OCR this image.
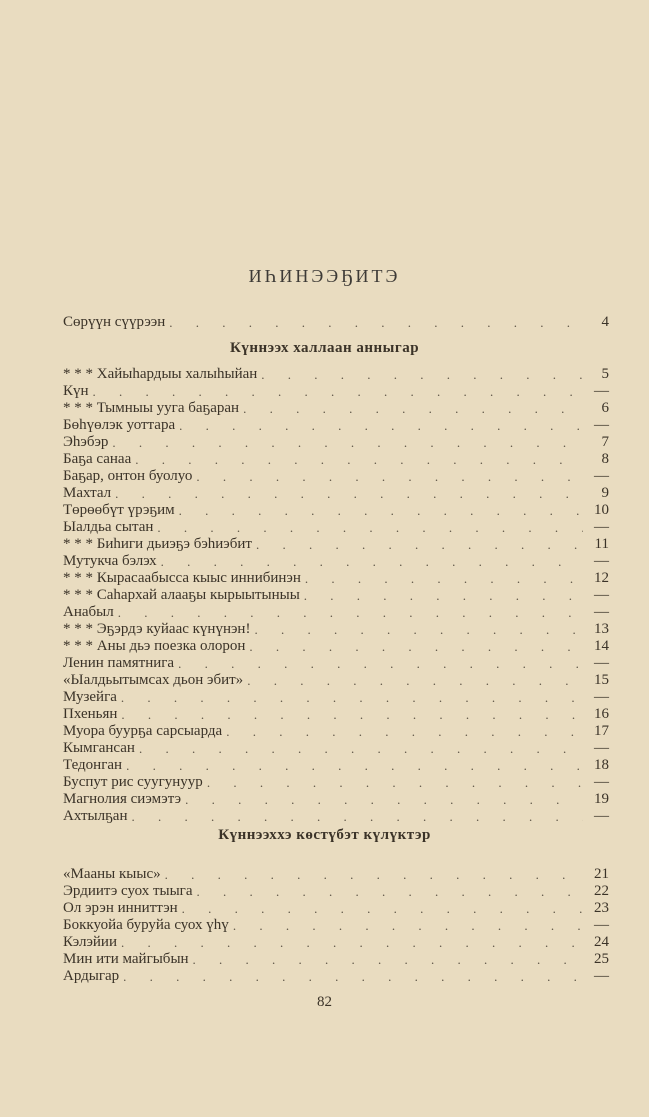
ИҺИНЭЭҔИТЭ
Сөрүүн сүүрээн . . .	4
Күннээх халлаан анныгар
* * * Хайыһардыы халыһыйан . . .	5
Күн . . .	—
* * * Тымныы ууга баҕаран . . .	6
Бөһүөлэк уоттара . . .	—
Эһэбэр . . .	7
Баҕа санаа . . .	8
Баҕар, онтон буолуо . . .	—
Махтал . . .	9
Төрөөбүт үрэҕим . . .	10
Ыалдьа сытан . . .	—
* * * Биһиги дьиэҕэ бэһиэбит . . .	11
Мутукча бэлэх . . .	—
* * * Кырасаабысса кыыс иннибинэн . . .	12
* * * Саһархай алааҕы кырыытыныы . . .	—
Анабыл . . .	—
* * * Эҕэрдэ куйаас күнүнэн! . . .	13
* * * Аны дьэ поезка олорон . . .	14
Ленин памятнига . . .	—
«Ыалдьытымсах дьон эбит» . . .	15
Музейга . . .	—
Пхеньян . . .	16
Муора буурҕа сарсыарда . . .	17
Кымгансан . . .	—
Тедонган . . .	18
Буспут рис суугунуур . . .	—
Магнолия сиэмэтэ . . .	19
Ахтылҕан . . .	—
Күннээххэ көстүбэт күлүктэр
«Мааны кыыс» . . .	21
Эрдиитэ суох тыыга . . .	22
Ол эрэн инниттэн . . .	23
Боккуойа буруйа суох үһү . . .	—
Кэлэйии . . .	24
Мин ити майгыбын . . .	25
Ардыгар . . .	—
82
